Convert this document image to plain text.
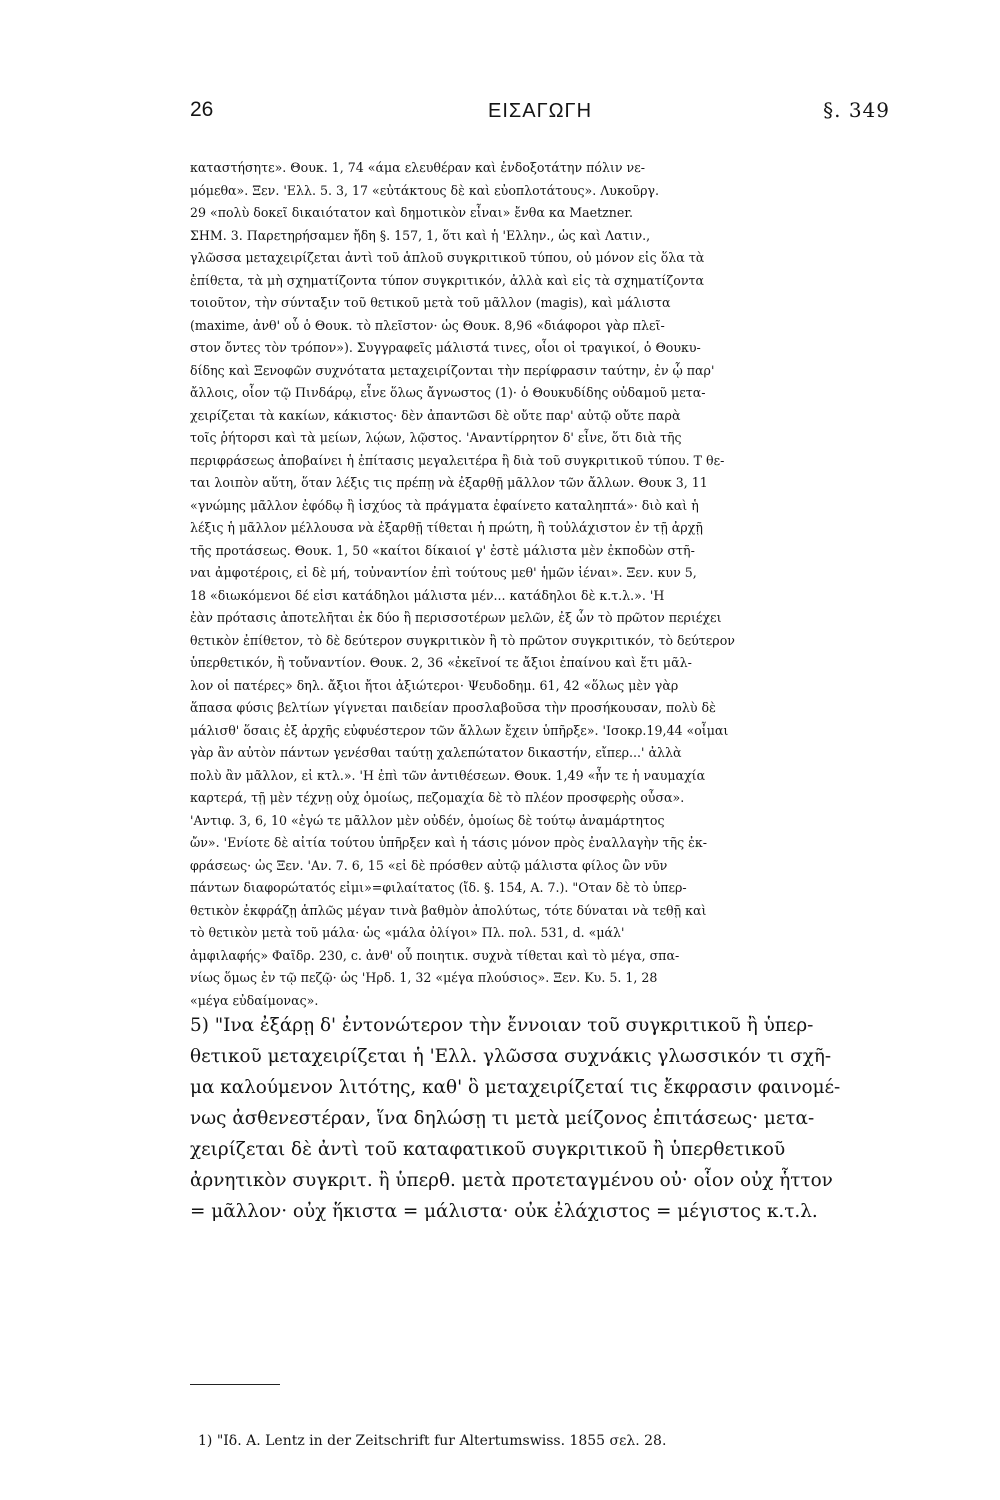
26	ΕΙΣΑΓΩΓΗ	§. 349
καταστήσητε». Θουκ. 1, 74 «άμα ελευθέραν καὶ ἐνδοξοτάτην πόλιν νε-
μόμεθα». Ξεν. 'Ελλ. 5. 3, 17 «εὐτάκτους δὲ καὶ εὐοπλοτάτους». Λυκοῦργ.
29 «πολὺ δοκεῖ δικαιότατον καὶ δημοτικὸν εἶναι» ἔνθα κα Maetzner.
ΣΗΜ. 3. Παρετηρήσαμεν ἤδη §. 157, 1, ὅτι καὶ ἡ 'Ελλην., ὡς καὶ Λατιν.,
γλῶσσα μεταχειρίζεται ἀντὶ τοῦ ἁπλοῦ συγκριτικοῦ τύπου, οὐ μόνον εἰς ὅλα τὰ
ἐπίθετα, τὰ μὴ σχηματίζοντα τύπον συγκριτικόν, ἀλλὰ καὶ εἰς τὰ σχηματίζοντα
τοιοῦτον, τὴν σύνταξιν τοῦ θετικοῦ μετὰ τοῦ μᾶλλον (magis), καὶ μάλιστα
(maxime, ἀνθ' οὗ ὁ Θουκ. τὸ πλεῖστον· ὡς Θουκ. 8,96 «διάφοροι γὰρ πλεῖ-
στον ὄντες τὸν τρόπον»). Συγγραφεῖς μάλιστά τινες, οἷοι οἱ τραγικοί, ὁ Θουκυ-
δίδης καὶ Ξενοφῶν συχνότατα μεταχειρίζονται τὴν περίφρασιν ταύτην, ἐν ᾧ παρ'
ἄλλοις, οἷον τῷ Πινδάρῳ, εἶνε ὅλως ἄγνωστος (1)· ὁ Θουκυδίδης οὐδαμοῦ μετα-
χειρίζεται τὰ κακίων, κάκιστος· δὲν ἀπαντῶσι δὲ οὔτε παρ' αὐτῷ οὔτε παρὰ
τοῖς ῥήτορσι καὶ τὰ μείων, λῴων, λῷστος. 'Αναντίρρητον δ' εἶνε, ὅτι διὰ τῆς
περιφράσεως ἀποβαίνει ἡ ἐπίτασις μεγαλειτέρα ἢ διὰ τοῦ συγκριτικοῦ τύπου. Τ θε-
ται λοιπὸν αὕτη, ὅταν λέξις τις πρέπῃ νὰ ἐξαρθῇ μᾶλλον τῶν ἄλλων. Θουκ 3, 11
«γνώμης μᾶλλον ἐφόδῳ ἢ ἰσχύος τὰ πράγματα ἐφαίνετο καταληπτά»· διὸ καὶ ἡ
λέξις ἡ μᾶλλον μέλλουσα νὰ ἐξαρθῇ τίθεται ἡ πρώτη, ἢ τοὐλάχιστον ἐν τῇ ἀρχῇ
τῆς προτάσεως. Θουκ. 1, 50 «καίτοι δίκαιοί γ' ἐστὲ μάλιστα μὲν ἐκποδὼν στῆ-
ναι ἀμφοτέροις, εἰ δὲ μή, τοὐναντίον ἐπὶ τούτους μεθ' ἡμῶν ἰέναι». Ξεν. κυν 5,
18 «διωκόμενοι δέ εἰσι κατάδηλοι μάλιστα μέν... κατάδηλοι δὲ κ.τ.λ.». 'Η
ἐὰν πρότασις ἀποτελῆται ἐκ δύο ἢ περισσοτέρων μελῶν, ἐξ ὧν τὸ πρῶτον περιέχει
θετικὸν ἐπίθετον, τὸ δὲ δεύτερον συγκριτικὸν ἢ τὸ πρῶτον συγκριτικόν, τὸ δεύτερον
ὑπερθετικόν, ἢ τοὔναντίον. Θουκ. 2, 36 «ἐκεῖνοί τε ἄξιοι ἐπαίνου καὶ ἔτι μᾶλ-
λον οἱ πατέρες» δηλ. ἄξιοι ἤτοι ἀξιώτεροι· Ψευδοδημ. 61, 42 «ὅλως μὲν γὰρ
ἅπασα φύσις βελτίων γίγνεται παιδείαν προσλαβοῦσα τὴν προσήκουσαν, πολὺ δὲ
μάλισθ' ὅσαις ἐξ ἀρχῆς εὐφυέστερον τῶν ἄλλων ἔχειν ὑπῆρξε». 'Ισοκρ.19,44 «οἶμαι
γὰρ ἂν αὐτὸν πάντων γενέσθαι ταύτῃ χαλεπώτατον δικαστήν, εἴπερ...' ἀλλὰ
πολὺ ἂν μᾶλλον, εἰ κτλ.». 'Η ἐπὶ τῶν ἀντιθέσεων. Θουκ. 1,49 «ἦν τε ἡ ναυμαχία
καρτερά, τῇ μὲν τέχνῃ οὐχ ὁμοίως, πεζομαχία δὲ τὸ πλέον προσφερὴς οὖσα».
'Αντιφ. 3, 6, 10 «ἐγώ τε μᾶλλον μὲν οὐδέν, ὁμοίως δὲ τούτῳ ἀναμάρτητος
ὤν». 'Ενίοτε δὲ αἰτία τούτου ὑπῆρξεν καὶ ἡ τάσις μόνον πρὸς ἐναλλαγὴν τῆς ἐκ-
φράσεως· ὡς Ξεν. 'Αν. 7. 6, 15 «εἰ δὲ πρόσθεν αὐτῷ μάλιστα φίλος ὢν νῦν
πάντων διαφορώτατός εἰμι»=φιλαίτατος (ἴδ. §. 154, Α. 7.). "Οταν δὲ τὸ ὑπερ-
θετικὸν ἐκφράζῃ ἁπλῶς μέγαν τινὰ βαθμὸν ἀπολύτως, τότε δύναται νὰ τεθῇ καὶ
τὸ θετικὸν μετὰ τοῦ μάλα· ὡς «μάλα ὀλίγοι» Πλ. πολ. 531, d. «μάλ'
ἀμφιλαφής» Φαῖδρ. 230, c. ἀνθ' οὗ ποιητικ. συχνὰ τίθεται καὶ τὸ μέγα, σπα-
νίως ὅμως ἐν τῷ πεζῷ· ὡς 'Ηρδ. 1, 32 «μέγα πλούσιος». Ξεν. Κυ. 5. 1, 28
«μέγα εὐδαίμονας».
5) "Ινα ἐξάρῃ δ' ἐντονώτερον τὴν ἔννοιαν τοῦ συγκριτικοῦ ἢ ὑπερ-
θετικοῦ μεταχειρίζεται ἡ 'Ελλ. γλῶσσα συχνάκις γλωσσικόν τι σχῆ-
μα καλούμενον λιτότης, καθ' ὃ μεταχειρίζεταί τις ἔκφρασιν φαινομέ-
νως ἀσθενεστέραν, ἵνα δηλώσῃ τι μετὰ μείζονος ἐπιτάσεως· μετα-
χειρίζεται δὲ ἀντὶ τοῦ καταφατικοῦ συγκριτικοῦ ἢ ὑπερθετικοῦ
ἀρνητικὸν συγκριτ. ἢ ὑπερθ. μετὰ προτεταγμένου οὐ· οἷον οὐχ ἧττον
= μᾶλλον· οὐχ ἥκιστα = μάλιστα· οὐκ ἐλάχιστος = μέγιστος κ.τ.λ.
1) "Ιδ. Α. Lentz in der Zeitschrift fur Altertumswiss. 1855 σελ. 28.
